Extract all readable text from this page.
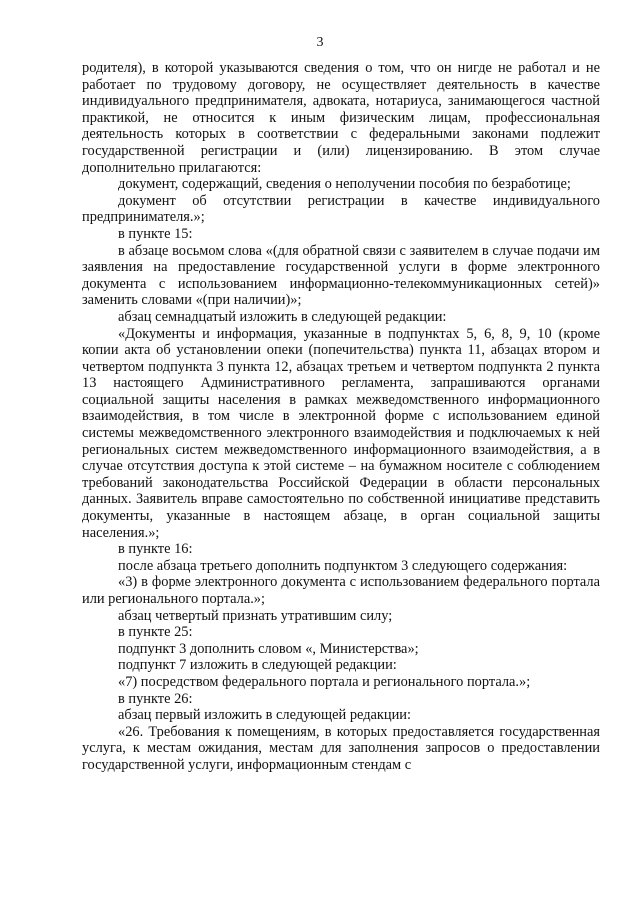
3

родителя), в которой указываются сведения о том, что он нигде не работал и не работает по трудовому договору, не осуществляет деятельность в качестве индивидуального предпринимателя, адвоката, нотариуса, занимающегося частной практикой, не относится к иным физическим лицам, профессиональная деятельность которых в соответствии с федеральными законами подлежит государственной регистрации и (или) лицензированию. В этом случае дополнительно прилагаются:

документ, содержащий, сведения о неполучении пособия по безработице;

документ об отсутствии регистрации в качестве индивидуального предпринимателя.»;

в пункте 15:

в абзаце восьмом слова «(для обратной связи с заявителем в случае подачи им заявления на предоставление государственной услуги в форме электронного документа с использованием информационно-телекоммуникационных сетей)» заменить словами «(при наличии)»;

абзац семнадцатый изложить в следующей редакции:

«Документы и информация, указанные в подпунктах 5, 6, 8, 9, 10 (кроме копии акта об установлении опеки (попечительства) пункта 11, абзацах втором и четвертом подпункта 3 пункта 12, абзацах третьем и четвертом подпункта 2 пункта 13 настоящего Административного регламента, запрашиваются органами социальной защиты населения в рамках межведомственного информационного взаимодействия, в том числе в электронной форме с использованием единой системы межведомственного электронного взаимодействия и подключаемых к ней региональных систем межведомственного информационного взаимодействия, а в случае отсутствия доступа к этой системе – на бумажном носителе с соблюдением требований законодательства Российской Федерации в области персональных данных. Заявитель вправе самостоятельно по собственной инициативе представить документы, указанные в настоящем абзаце, в орган социальной защиты населения.»;

в пункте 16:

после абзаца третьего дополнить подпунктом 3 следующего содержания:

«3) в форме электронного документа с использованием федерального портала или регионального портала.»;

абзац четвертый признать утратившим силу;

в пункте 25:

подпункт 3 дополнить словом «, Министерства»;

подпункт 7 изложить в следующей редакции:

«7) посредством федерального портала и регионального портала.»;

в пункте 26:

абзац первый изложить в следующей редакции:

«26. Требования к помещениям, в которых предоставляется государственная услуга, к местам ожидания, местам для заполнения запросов о предоставлении государственной услуги, информационным стендам с
